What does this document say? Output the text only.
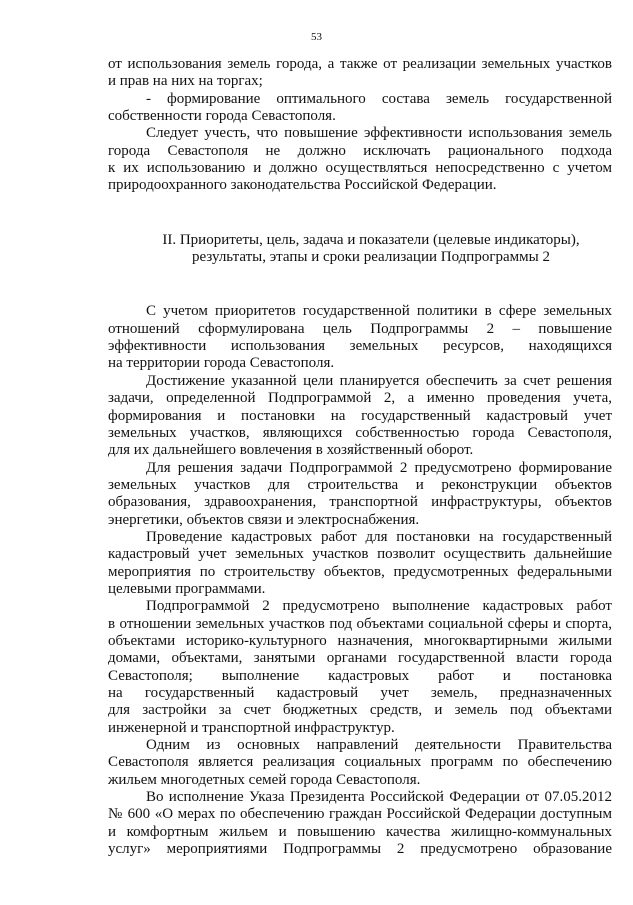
53
от использования земель города, а также от реализации земельных участков
и прав на них на торгах;
- формирование оптимального состава земель государственной
собственности города Севастополя.
Следует учесть, что повышение эффективности использования земель
города Севастополя не должно исключать рационального подхода
к их использованию и должно осуществляться непосредственно с учетом
природоохранного законодательства Российской Федерации.
II. Приоритеты, цель, задача и показатели (целевые индикаторы),
результаты, этапы и сроки реализации Подпрограммы 2
С учетом приоритетов государственной политики в сфере земельных
отношений сформулирована цель Подпрограммы 2 – повышение
эффективности использования земельных ресурсов, находящихся
на территории города Севастополя.
Достижение указанной цели планируется обеспечить за счет решения
задачи, определенной Подпрограммой 2, а именно проведения учета,
формирования и постановки на государственный кадастровый учет
земельных участков, являющихся собственностью города Севастополя,
для их дальнейшего вовлечения в хозяйственный оборот.
Для решения задачи Подпрограммой 2 предусмотрено формирование
земельных участков для строительства и реконструкции объектов
образования, здравоохранения, транспортной инфраструктуры, объектов
энергетики, объектов связи и электроснабжения.
Проведение кадастровых работ для постановки на государственный
кадастровый учет земельных участков позволит осуществить дальнейшие
мероприятия по строительству объектов, предусмотренных федеральными
целевыми программами.
Подпрограммой 2 предусмотрено выполнение кадастровых работ
в отношении земельных участков под объектами социальной сферы и спорта,
объектами историко-культурного назначения, многоквартирными жилыми
домами, объектами, занятыми органами государственной власти города
Севастополя; выполнение кадастровых работ и постановка
на государственный кадастровый учет земель, предназначенных
для застройки за счет бюджетных средств, и земель под объектами
инженерной и транспортной инфраструктур.
Одним из основных направлений деятельности Правительства
Севастополя является реализация социальных программ по обеспечению
жильем многодетных семей города Севастополя.
Во исполнение Указа Президента Российской Федерации от 07.05.2012
№ 600 «О мерах по обеспечению граждан Российской Федерации доступным
и комфортным жильем и повышению качества жилищно-коммунальных
услуг» мероприятиями Подпрограммы 2 предусмотрено образование
